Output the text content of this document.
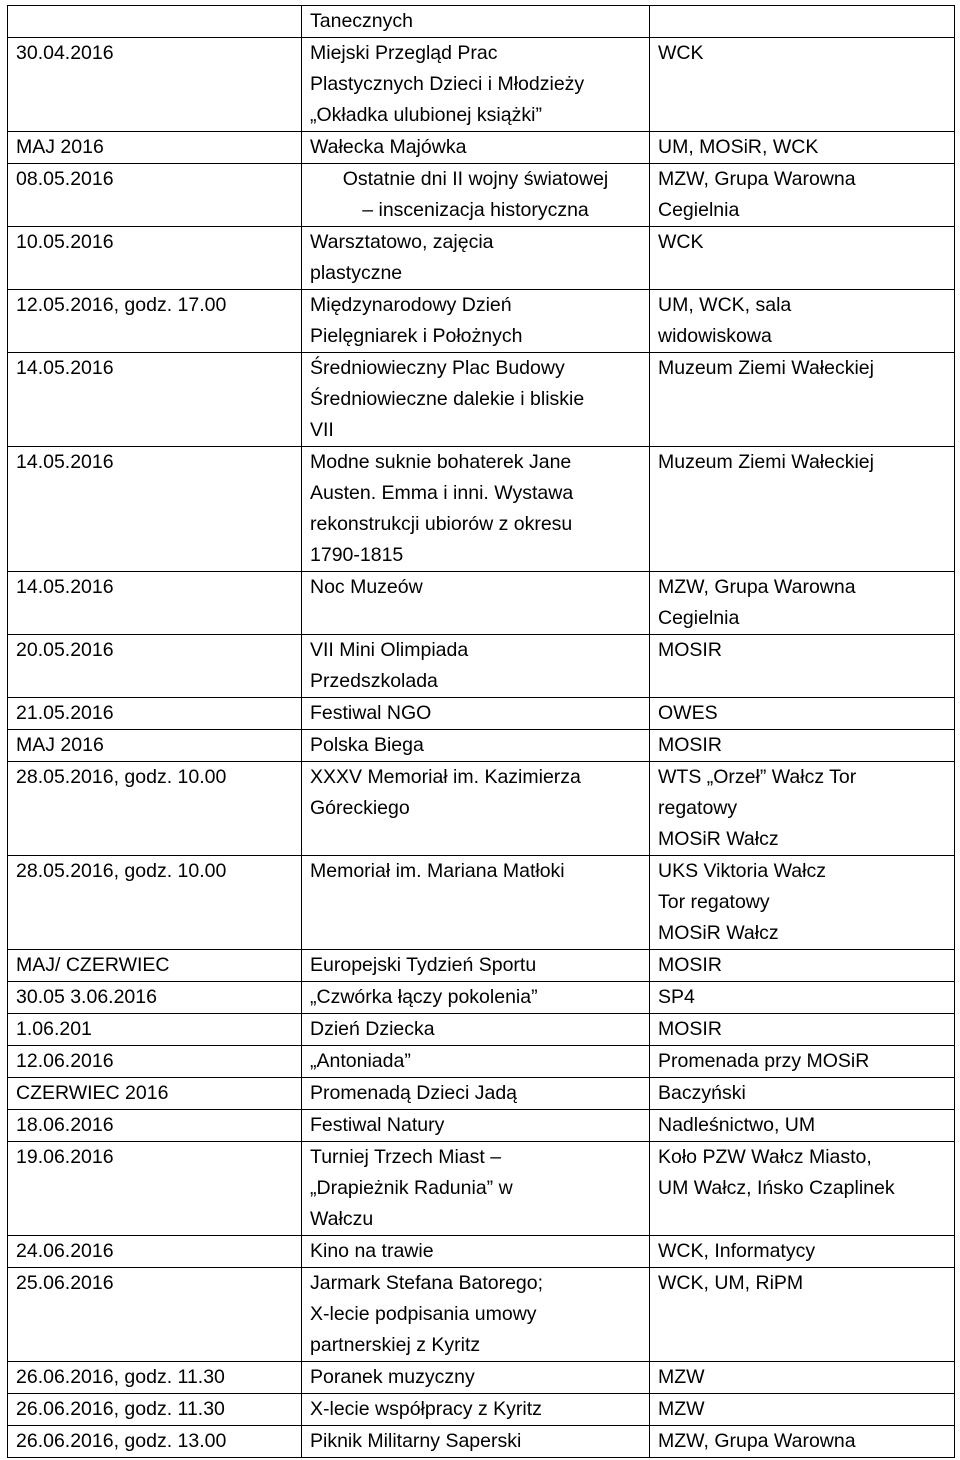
	Tanecznych	
30.04.2016	Miejski Przegląd Prac
Plastycznych Dzieci i Młodzieży
„Okładka ulubionej książki”	WCK
MAJ 2016	Wałecka Majówka	UM, MOSiR, WCK
08.05.2016	Ostatnie dni II wojny światowej
– inscenizacja historyczna	MZW, Grupa Warowna
Cegielnia
10.05.2016	Warsztatowo, zajęcia
plastyczne	WCK
12.05.2016, godz. 17.00	Międzynarodowy Dzień
Pielęgniarek i Położnych	UM, WCK, sala
widowiskowa
14.05.2016	Średniowieczny Plac Budowy
Średniowieczne dalekie i bliskie
VII	Muzeum Ziemi Wałeckiej
14.05.2016	Modne suknie bohaterek Jane
Austen. Emma i inni. Wystawa
rekonstrukcji ubiorów z okresu
1790-1815	Muzeum Ziemi Wałeckiej
14.05.2016	Noc Muzeów	MZW, Grupa Warowna
Cegielnia
20.05.2016	VII Mini Olimpiada
Przedszkolada	MOSIR
21.05.2016	Festiwal NGO	OWES
MAJ 2016	Polska Biega	MOSIR
28.05.2016, godz. 10.00	XXXV Memoriał im. Kazimierza
Góreckiego	WTS „Orzeł” Wałcz Tor
regatowy
MOSiR Wałcz
28.05.2016, godz. 10.00	Memoriał im. Mariana Matłoki	UKS Viktoria Wałcz
Tor regatowy
MOSiR Wałcz
MAJ/ CZERWIEC	Europejski Tydzień Sportu	MOSIR
30.05 3.06.2016	„Czwórka łączy pokolenia”	SP4
1.06.201	Dzień Dziecka	MOSIR
12.06.2016	„Antoniada”	Promenada przy MOSiR
CZERWIEC 2016	Promenadą Dzieci Jadą	Baczyński
18.06.2016	Festiwal Natury	Nadleśnictwo, UM
19.06.2016	Turniej Trzech Miast –
„Drapieżnik Radunia” w
Wałczu	Koło PZW Wałcz Miasto,
UM Wałcz, Ińsko Czaplinek
24.06.2016	Kino na trawie	WCK, Informatycy
25.06.2016	Jarmark Stefana Batorego;
X-lecie podpisania umowy
partnerskiej z Kyritz	WCK, UM, RiPM
26.06.2016, godz. 11.30	Poranek muzyczny	MZW
26.06.2016, godz. 11.30	X-lecie współpracy z Kyritz	MZW
26.06.2016, godz. 13.00	Piknik Militarny Saperski	MZW, Grupa Warowna
